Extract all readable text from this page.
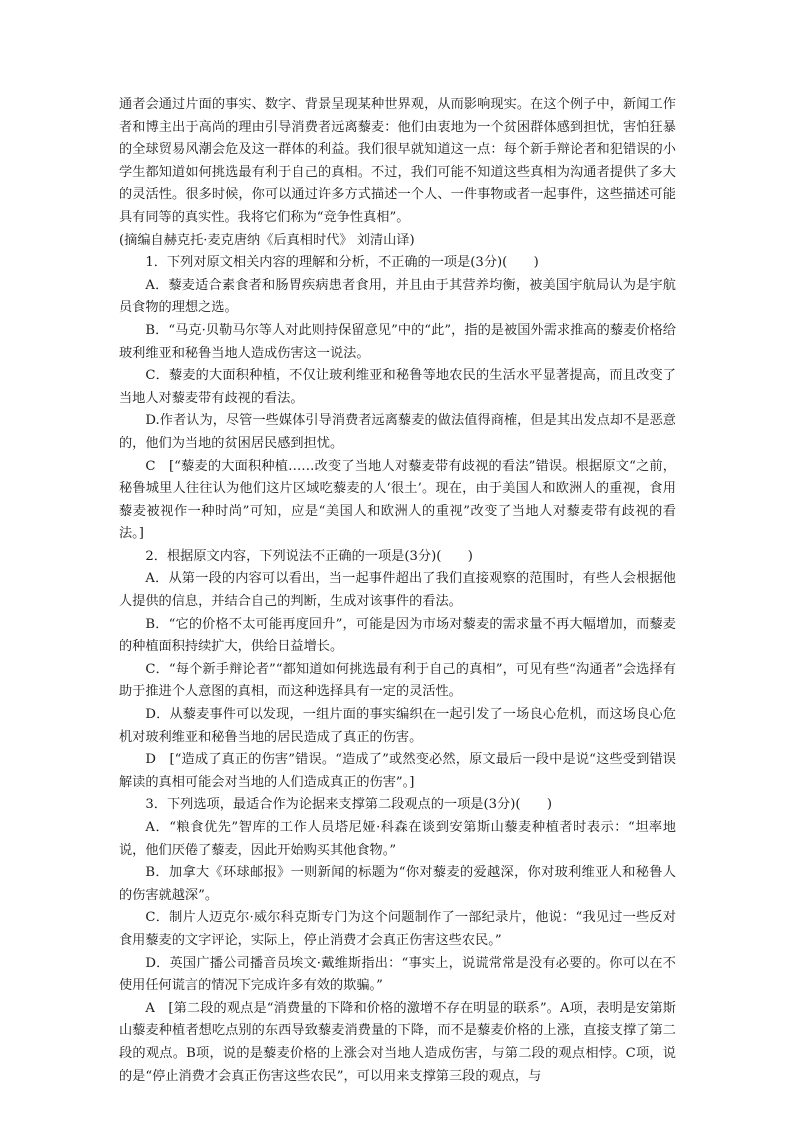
通者会通过片面的事实、数字、背景呈现某种世界观，从而影响现实。在这个例子中，新闻工作者和博主出于高尚的理由引导消费者远离藜麦：他们由衷地为一个贫困群体感到担忧，害怕狂暴的全球贸易风潮会危及这一群体的利益。我们很早就知道这一点：每个新手辩论者和犯错误的小学生都知道如何挑选最有利于自己的真相。不过，我们可能不知道这些真相为沟通者提供了多大的灵活性。很多时候，你可以通过许多方式描述一个人、一件事物或者一起事件，这些描述可能具有同等的真实性。我将它们称为“竞争性真相”。

(摘编自赫克托·麦克唐纳《后真相时代》 刘清山译)

1．下列对原文相关内容的理解和分析，不正确的一项是(3分)(　　)

A．藜麦适合素食者和肠胃疾病患者食用，并且由于其营养均衡，被美国宇航局认为是宇航员食物的理想之选。

B．“马克·贝勒马尔等人对此则持保留意见”中的“此”，指的是被国外需求推高的藜麦价格给玻利维亚和秘鲁当地人造成伤害这一说法。

C．藜麦的大面积种植，不仅让玻利维亚和秘鲁等地农民的生活水平显著提高，而且改变了当地人对藜麦带有歧视的看法。

D.作者认为，尽管一些媒体引导消费者远离藜麦的做法值得商榷，但是其出发点却不是恶意的，他们为当地的贫困居民感到担忧。

C　[“藜麦的大面积种植……改变了当地人对藜麦带有歧视的看法”错误。根据原文“之前，秘鲁城里人往往认为他们这片区域吃藜麦的人‘很土’。现在，由于美国人和欧洲人的重视，食用藜麦被视作一种时尚”可知，应是“美国人和欧洲人的重视”改变了当地人对藜麦带有歧视的看法。]

2．根据原文内容，下列说法不正确的一项是(3分)(　　)

A．从第一段的内容可以看出，当一起事件超出了我们直接观察的范围时，有些人会根据他人提供的信息，并结合自己的判断，生成对该事件的看法。

B．“它的价格不太可能再度回升”，可能是因为市场对藜麦的需求量不再大幅增加，而藜麦的种植面积持续扩大，供给日益增长。

C．“每个新手辩论者”“都知道如何挑选最有利于自己的真相”，可见有些“沟通者”会选择有助于推进个人意图的真相，而这种选择具有一定的灵活性。

D．从藜麦事件可以发现，一组片面的事实编织在一起引发了一场良心危机，而这场良心危机对玻利维亚和秘鲁当地的居民造成了真正的伤害。

D　[“造成了真正的伤害”错误。“造成了”或然变必然，原文最后一段中是说“这些受到错误解读的真相可能会对当地的人们造成真正的伤害”。]

3．下列选项，最适合作为论据来支撑第二段观点的一项是(3分)(　　)

A．“粮食优先”智库的工作人员塔尼娅·科森在谈到安第斯山藜麦种植者时表示：“坦率地说，他们厌倦了藜麦，因此开始购买其他食物。”

B．加拿大《环球邮报》一则新闻的标题为“你对藜麦的爱越深，你对玻利维亚人和秘鲁人的伤害就越深”。

C．制片人迈克尔·威尔科克斯专门为这个问题制作了一部纪录片，他说：“我见过一些反对食用藜麦的文字评论，实际上，停止消费才会真正伤害这些农民。”

D．英国广播公司播音员埃文·戴维斯指出：“事实上，说谎常常是没有必要的。你可以在不使用任何谎言的情况下完成许多有效的欺骗。”

A　[第二段的观点是“消费量的下降和价格的激增不存在明显的联系”。A项，表明是安第斯山藜麦种植者想吃点别的东西导致藜麦消费量的下降，而不是藜麦价格的上涨，直接支撑了第二段的观点。B项，说的是藜麦价格的上涨会对当地人造成伤害，与第二段的观点相悖。C项，说的是“停止消费才会真正伤害这些农民”，可以用来支撑第三段的观点，与
